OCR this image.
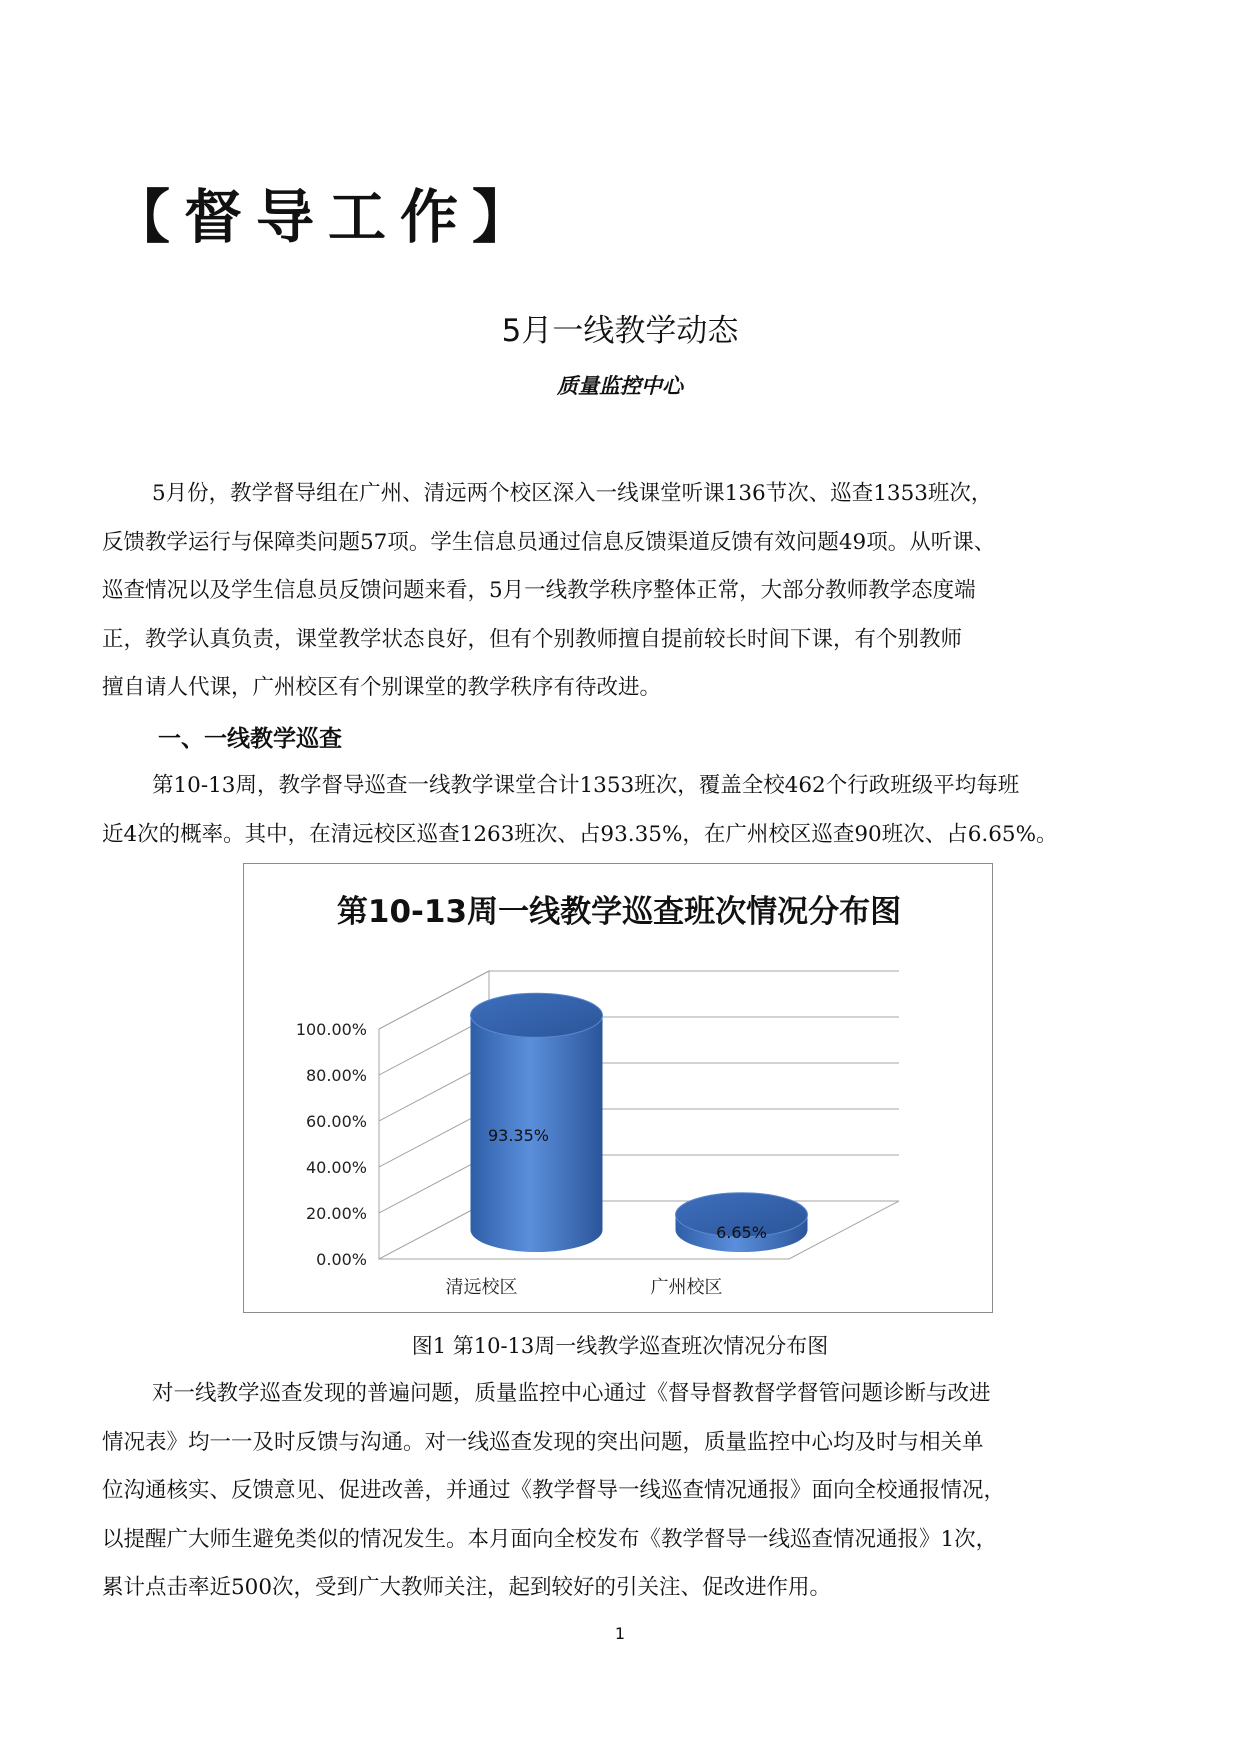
【督导工作】
5月一线教学动态
质量监控中心
5月份，教学督导组在广州、清远两个校区深入一线课堂听课136节次、巡查1353班次，
反馈教学运行与保障类问题57项。学生信息员通过信息反馈渠道反馈有效问题49项。从听课、
巡查情况以及学生信息员反馈问题来看，5月一线教学秩序整体正常，大部分教师教学态度端
正，教学认真负责，课堂教学状态良好，但有个别教师擅自提前较长时间下课，有个别教师
擅自请人代课，广州校区有个别课堂的教学秩序有待改进。
一、一线教学巡查
第10-13周，教学督导巡查一线教学课堂合计1353班次，覆盖全校462个行政班级平均每班
近4次的概率。其中，在清远校区巡查1263班次、占93.35%，在广州校区巡查90班次、占6.65%。
第10-13周一线教学巡查班次情况分布图
0.00%
20.00%
40.00%
60.00%
80.00%
100.00%
93.35%
6.65%
清远校区	广州校区
图1 第10-13周一线教学巡查班次情况分布图
对一线教学巡查发现的普遍问题，质量监控中心通过《督导督教督学督管问题诊断与改进
情况表》均一一及时反馈与沟通。对一线巡查发现的突出问题，质量监控中心均及时与相关单
位沟通核实、反馈意见、促进改善，并通过《教学督导一线巡查情况通报》面向全校通报情况，
以提醒广大师生避免类似的情况发生。本月面向全校发布《教学督导一线巡查情况通报》1次，
累计点击率近500次，受到广大教师关注，起到较好的引关注、促改进作用。
1
